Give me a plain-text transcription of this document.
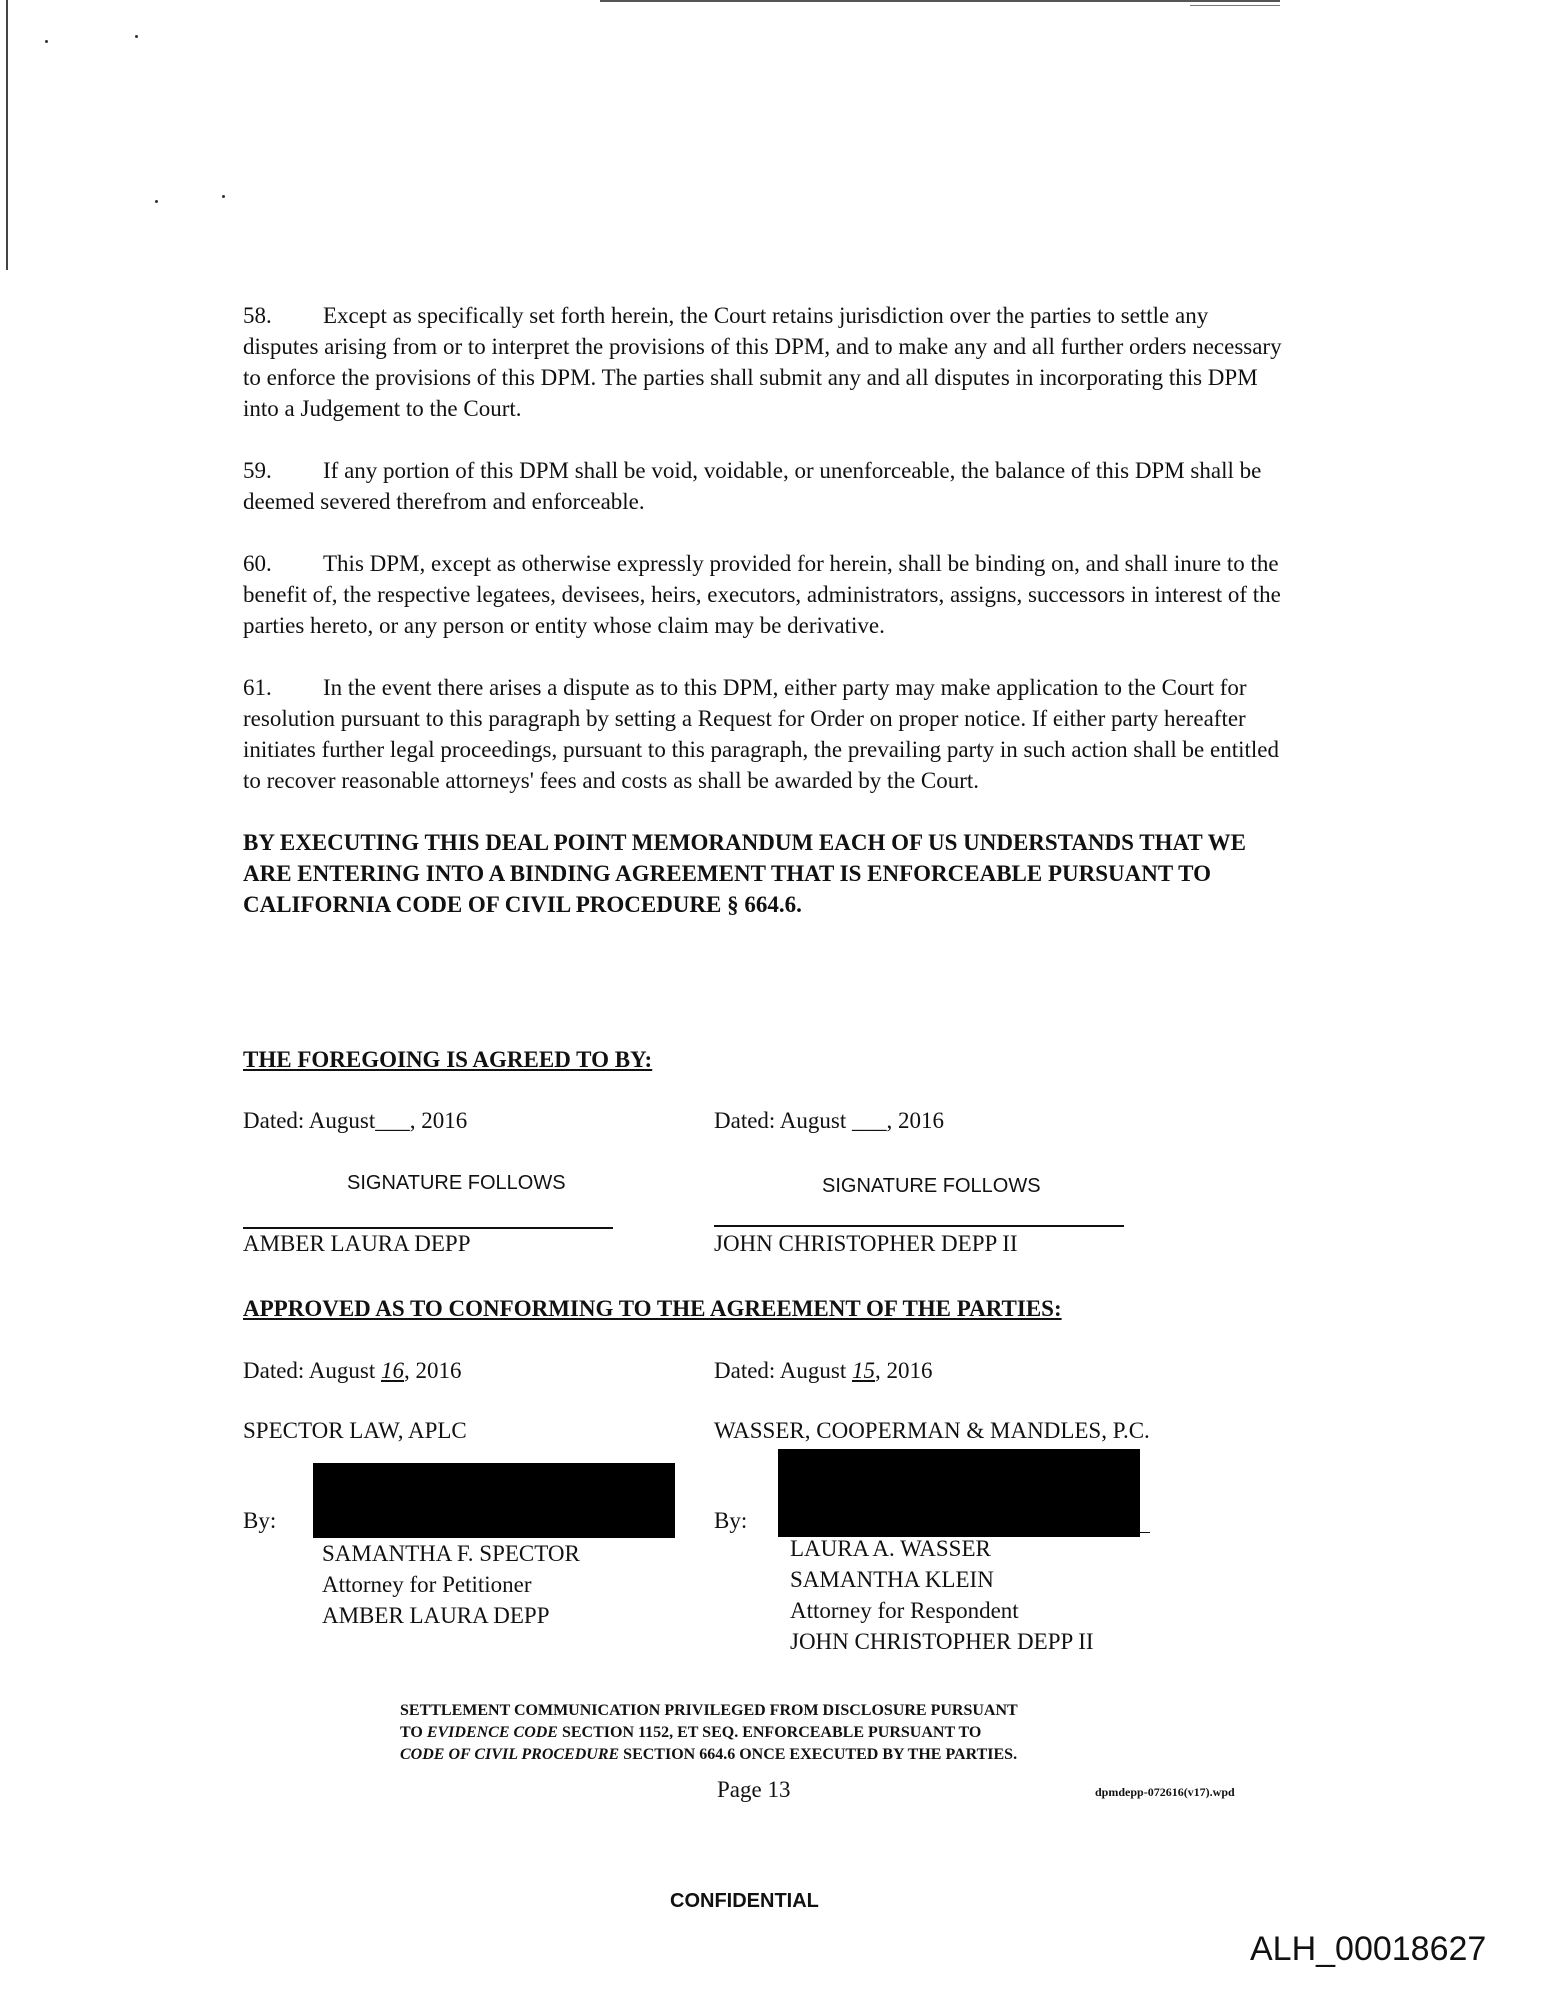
58. Except as specifically set forth herein, the Court retains jurisdiction over the parties to settle any disputes arising from or to interpret the provisions of this DPM, and to make any and all further orders necessary to enforce the provisions of this DPM. The parties shall submit any and all disputes in incorporating this DPM into a Judgement to the Court.

59. If any portion of this DPM shall be void, voidable, or unenforceable, the balance of this DPM shall be deemed severed therefrom and enforceable.

60. This DPM, except as otherwise expressly provided for herein, shall be binding on, and shall inure to the benefit of, the respective legatees, devisees, heirs, executors, administrators, assigns, successors in interest of the parties hereto, or any person or entity whose claim may be derivative.

61. In the event there arises a dispute as to this DPM, either party may make application to the Court for resolution pursuant to this paragraph by setting a Request for Order on proper notice. If either party hereafter initiates further legal proceedings, pursuant to this paragraph, the prevailing party in such action shall be entitled to recover reasonable attorneys' fees and costs as shall be awarded by the Court.

BY EXECUTING THIS DEAL POINT MEMORANDUM EACH OF US UNDERSTANDS THAT WE ARE ENTERING INTO A BINDING AGREEMENT THAT IS ENFORCEABLE PURSUANT TO CALIFORNIA CODE OF CIVIL PROCEDURE § 664.6.

THE FOREGOING IS AGREED TO BY:
Dated: August___, 2016	Dated: August ___, 2016
SIGNATURE FOLLOWS	SIGNATURE FOLLOWS
AMBER LAURA DEPP	JOHN CHRISTOPHER DEPP II
APPROVED AS TO CONFORMING TO THE AGREEMENT OF THE PARTIES:
Dated: August 16, 2016	Dated: August 15, 2016
SPECTOR LAW, APLC	WASSER, COOPERMAN & MANDLES, P.C.
By:	By:
SAMANTHA F. SPECTOR
Attorney for Petitioner
AMBER LAURA DEPP
LAURA A. WASSER
SAMANTHA KLEIN
Attorney for Respondent
JOHN CHRISTOPHER DEPP II
SETTLEMENT COMMUNICATION PRIVILEGED FROM DISCLOSURE PURSUANT
TO EVIDENCE CODE SECTION 1152, ET SEQ. ENFORCEABLE PURSUANT TO
CODE OF CIVIL PROCEDURE SECTION 664.6 ONCE EXECUTED BY THE PARTIES.
Page 13	dpmdepp-072616(v17).wpd
CONFIDENTIAL
ALH_00018627
